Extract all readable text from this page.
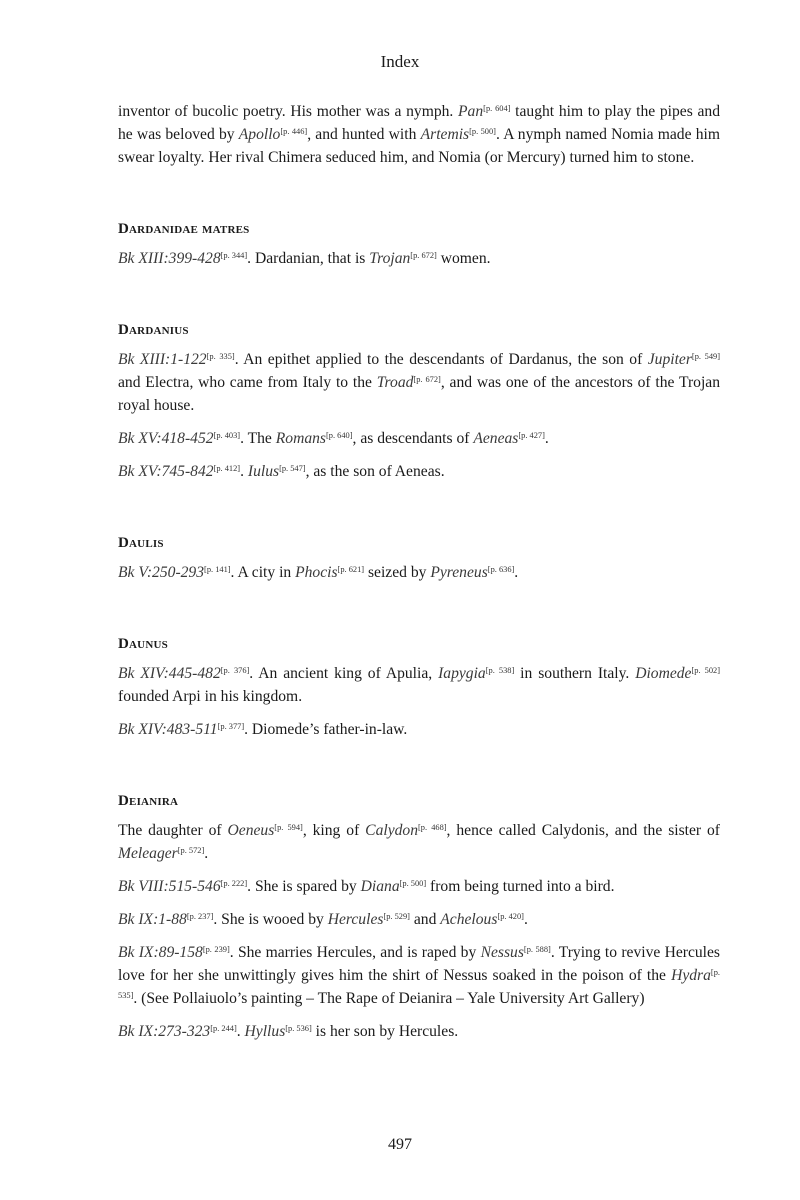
Index

inventor of bucolic poetry. His mother was a nymph. Pan[p. 604] taught him to play the pipes and he was beloved by Apollo[p. 446], and hunted with Artemis[p. 500]. A nymph named Nomia made him swear loyalty. Her rival Chimera seduced him, and Nomia (or Mercury) turned him to stone.

Dardanidae matres

Bk XIII:399-428[p. 344]. Dardanian, that is Trojan[p. 672] women.

Dardanius

Bk XIII:1-122[p. 335]. An epithet applied to the descendants of Dardanus, the son of Jupiter[p. 549] and Electra, who came from Italy to the Troad[p. 672], and was one of the ancestors of the Trojan royal house.

Bk XV:418-452[p. 403]. The Romans[p. 640], as descendants of Aeneas[p. 427].

Bk XV:745-842[p. 412]. Iulus[p. 547], as the son of Aeneas.

Daulis

Bk V:250-293[p. 141]. A city in Phocis[p. 621] seized by Pyreneus[p. 636].

Daunus

Bk XIV:445-482[p. 376]. An ancient king of Apulia, Iapygia[p. 538] in southern Italy. Diomede[p. 502] founded Arpi in his kingdom.

Bk XIV:483-511[p. 377]. Diomede’s father-in-law.

Deianira

The daughter of Oeneus[p. 594], king of Calydon[p. 468], hence called Calydonis, and the sister of Meleager[p. 572].

Bk VIII:515-546[p. 222]. She is spared by Diana[p. 500] from being turned into a bird.

Bk IX:1-88[p. 237]. She is wooed by Hercules[p. 529] and Achelous[p. 420].

Bk IX:89-158[p. 239]. She marries Hercules, and is raped by Nessus[p. 588]. Trying to revive Hercules love for her she unwittingly gives him the shirt of Nessus soaked in the poison of the Hydra[p. 535]. (See Pollaiuolo’s painting – The Rape of Deianira – Yale University Art Gallery)

Bk IX:273-323[p. 244]. Hyllus[p. 536] is her son by Hercules.

497
